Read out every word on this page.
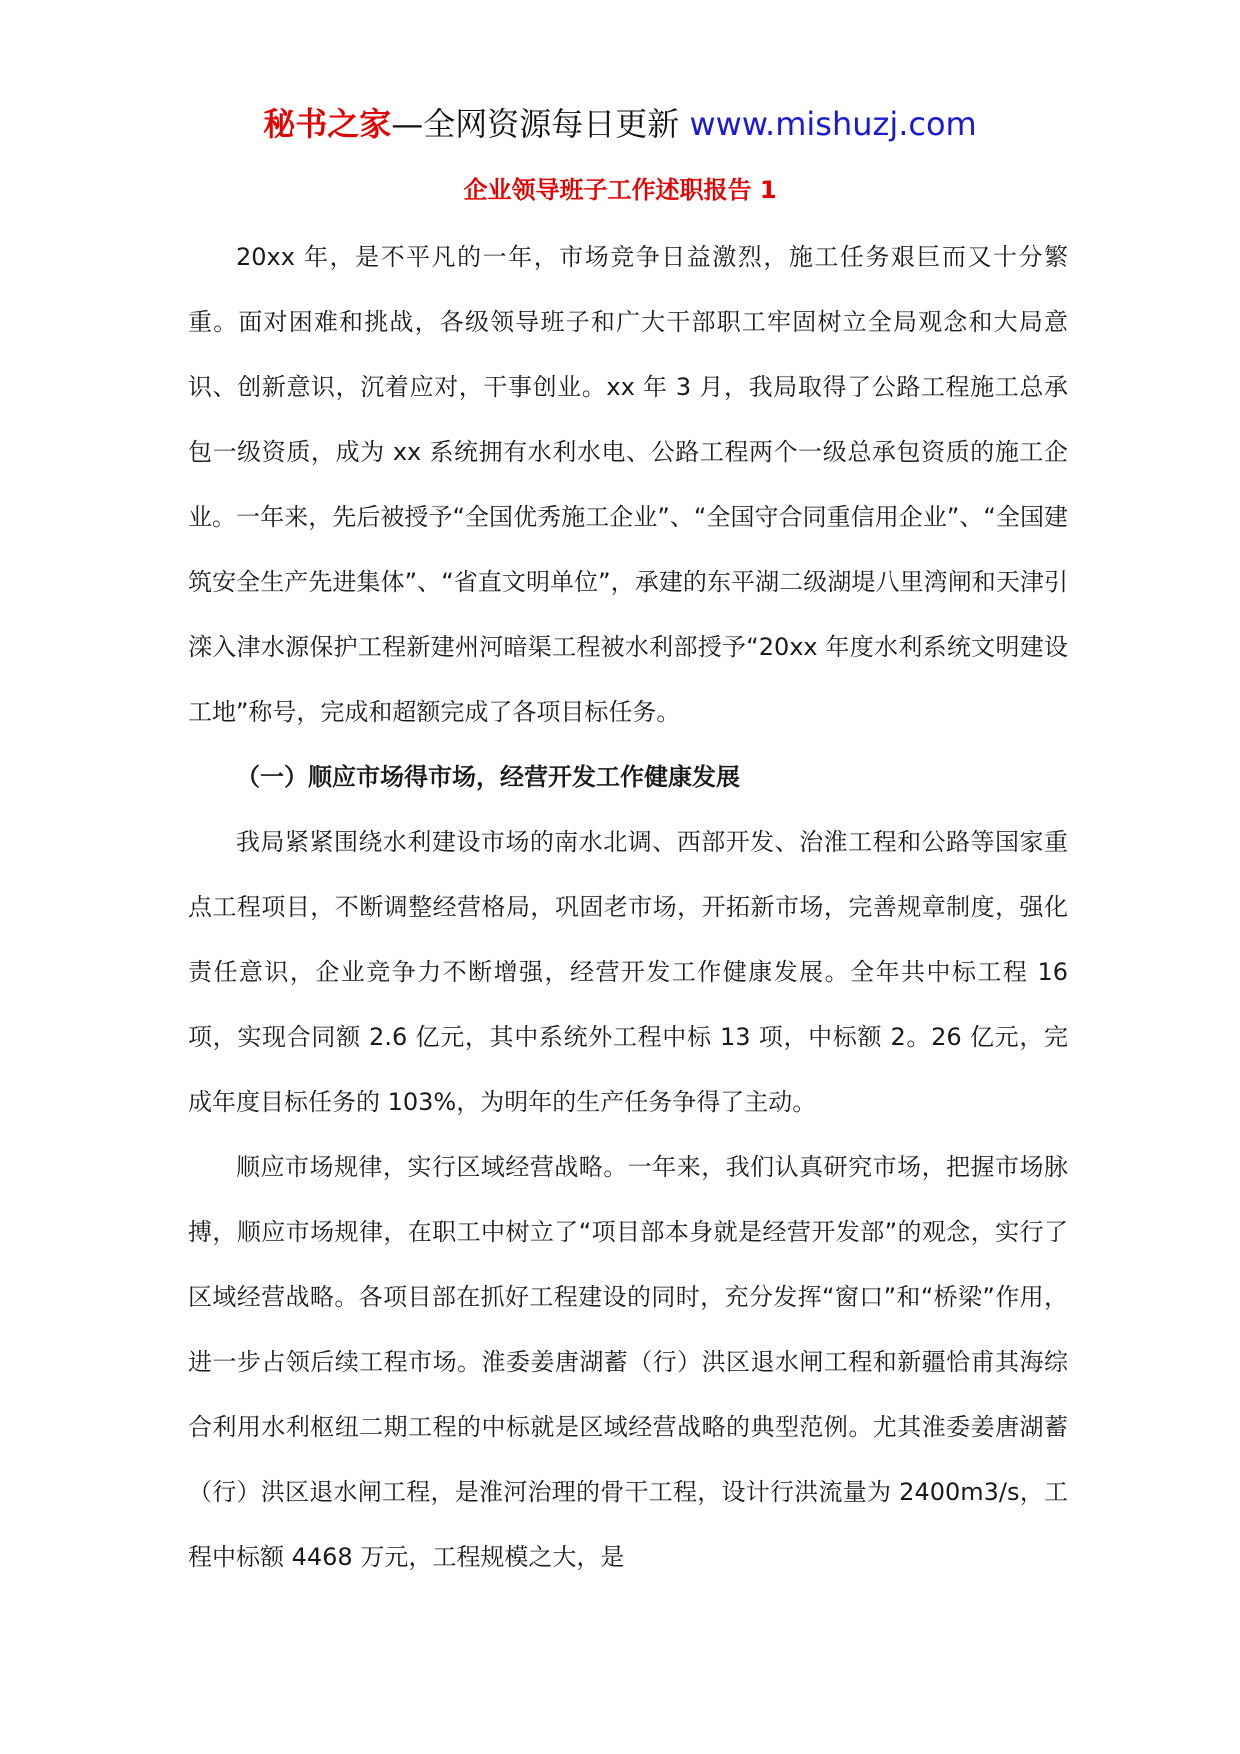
秘书之家—全网资源每日更新 www.mishuzj.com
企业领导班子工作述职报告 1

20xx 年，是不平凡的一年，市场竞争日益激烈，施工任务艰巨而又十分繁重。面对困难和挑战，各级领导班子和广大干部职工牢固树立全局观念和大局意识、创新意识，沉着应对，干事创业。xx 年 3 月，我局取得了公路工程施工总承包一级资质，成为 xx 系统拥有水利水电、公路工程两个一级总承包资质的施工企业。一年来，先后被授予“全国优秀施工企业”、“全国守合同重信用企业”、“全国建筑安全生产先进集体”、“省直文明单位”，承建的东平湖二级湖堤八里湾闸和天津引滦入津水源保护工程新建州河暗渠工程被水利部授予“20xx 年度水利系统文明建设工地”称号，完成和超额完成了各项目标任务。

（一）顺应市场得市场，经营开发工作健康发展

我局紧紧围绕水利建设市场的南水北调、西部开发、治淮工程和公路等国家重点工程项目，不断调整经营格局，巩固老市场，开拓新市场，完善规章制度，强化责任意识，企业竞争力不断增强，经营开发工作健康发展。全年共中标工程 16 项，实现合同额 2.6 亿元，其中系统外工程中标 13 项，中标额 2。26 亿元，完成年度目标任务的 103%，为明年的生产任务争得了主动。

顺应市场规律，实行区域经营战略。一年来，我们认真研究市场，把握市场脉搏，顺应市场规律，在职工中树立了“项目部本身就是经营开发部”的观念，实行了区域经营战略。各项目部在抓好工程建设的同时，充分发挥“窗口”和“桥梁”作用，进一步占领后续工程市场。淮委姜唐湖蓄（行）洪区退水闸工程和新疆恰甫其海综合利用水利枢纽二期工程的中标就是区域经营战略的典型范例。尤其淮委姜唐湖蓄（行）洪区退水闸工程，是淮河治理的骨干工程，设计行洪流量为 2400m3/s，工程中标额 4468 万元，工程规模之大，是
